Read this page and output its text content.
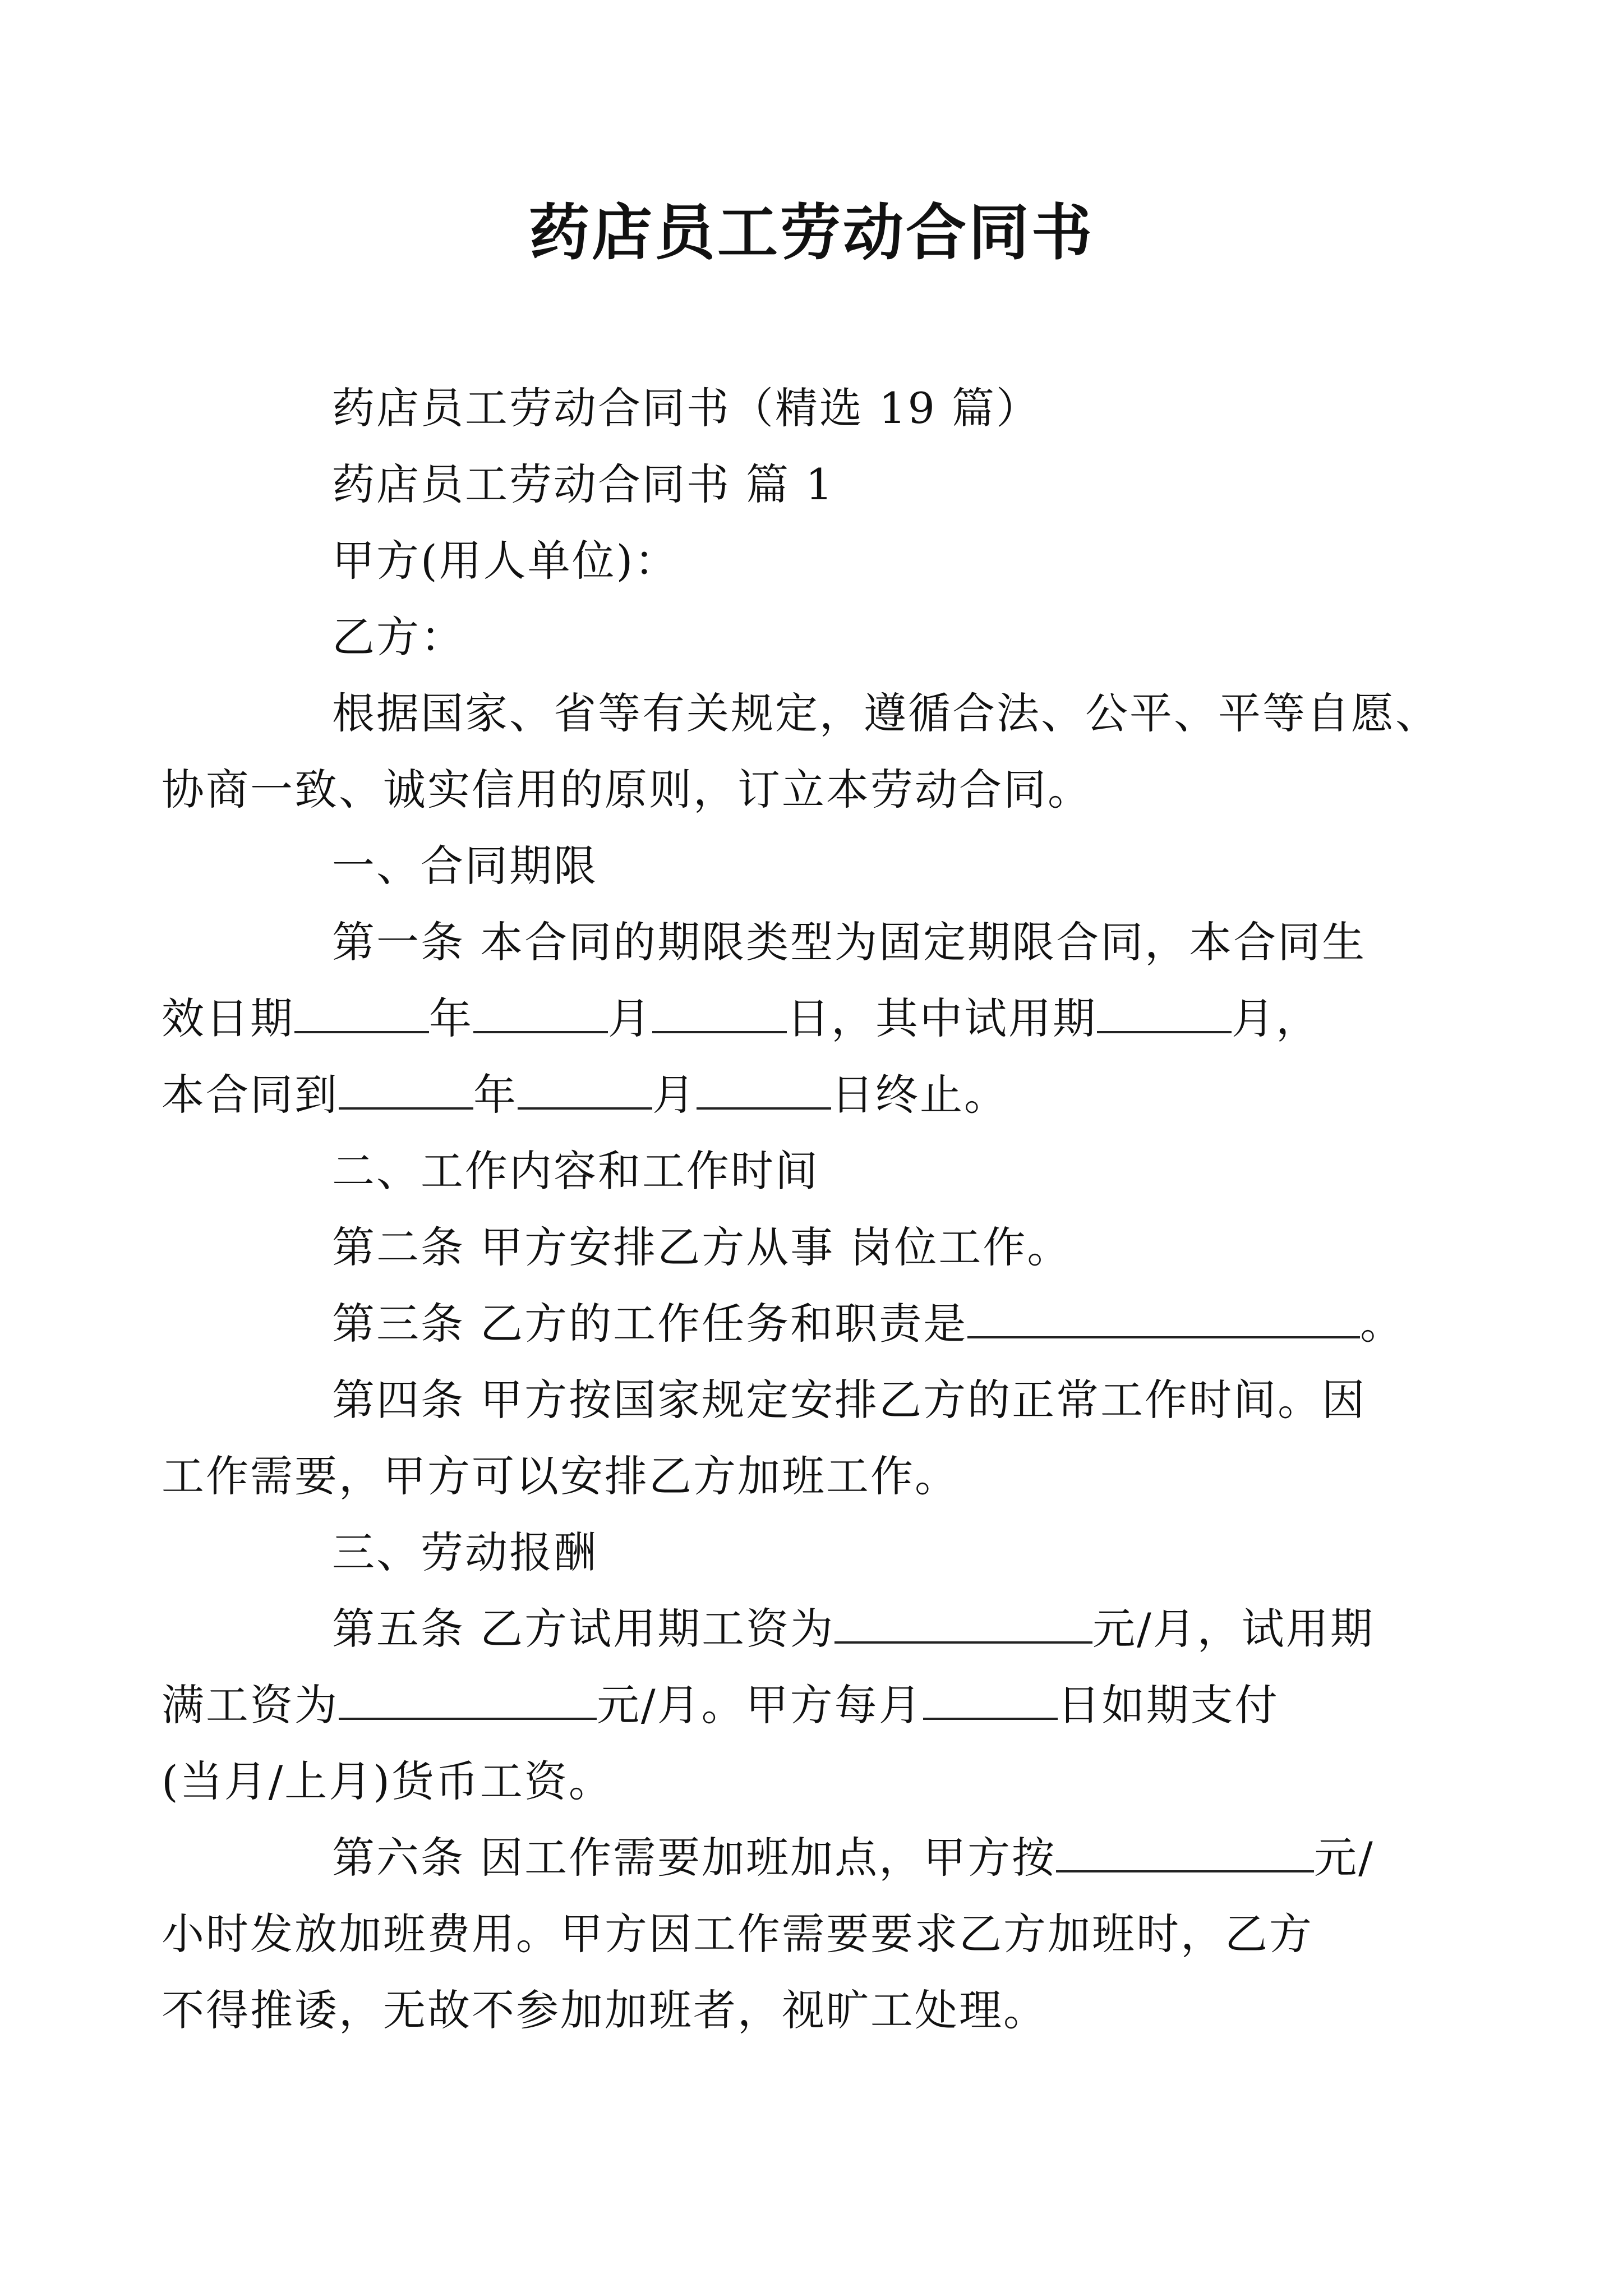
药店员工劳动合同书

药店员工劳动合同书（精选 19 篇）

药店员工劳动合同书 篇 1

甲方(用人单位)：

乙方：

根据国家、省等有关规定，遵循合法、公平、平等自愿、

协商一致、诚实信用的原则，订立本劳动合同。

一、合同期限

第一条 本合同的期限类型为固定期限合同，本合同生

效日期	年	月	日，其中试用期	月，

本合同到	年	月	日终止。

二、工作内容和工作时间

第二条 甲方安排乙方从事 岗位工作。

第三条 乙方的工作任务和职责是	。

第四条 甲方按国家规定安排乙方的正常工作时间。因

工作需要，甲方可以安排乙方加班工作。

三、劳动报酬

第五条 乙方试用期工资为	元/月，试用期

满工资为	元/月。甲方每月	日如期支付

(当月/上月)货币工资。

第六条 因工作需要加班加点，甲方按	元/

小时发放加班费用。甲方因工作需要要求乙方加班时，乙方

不得推诿，无故不参加加班者，视旷工处理。
